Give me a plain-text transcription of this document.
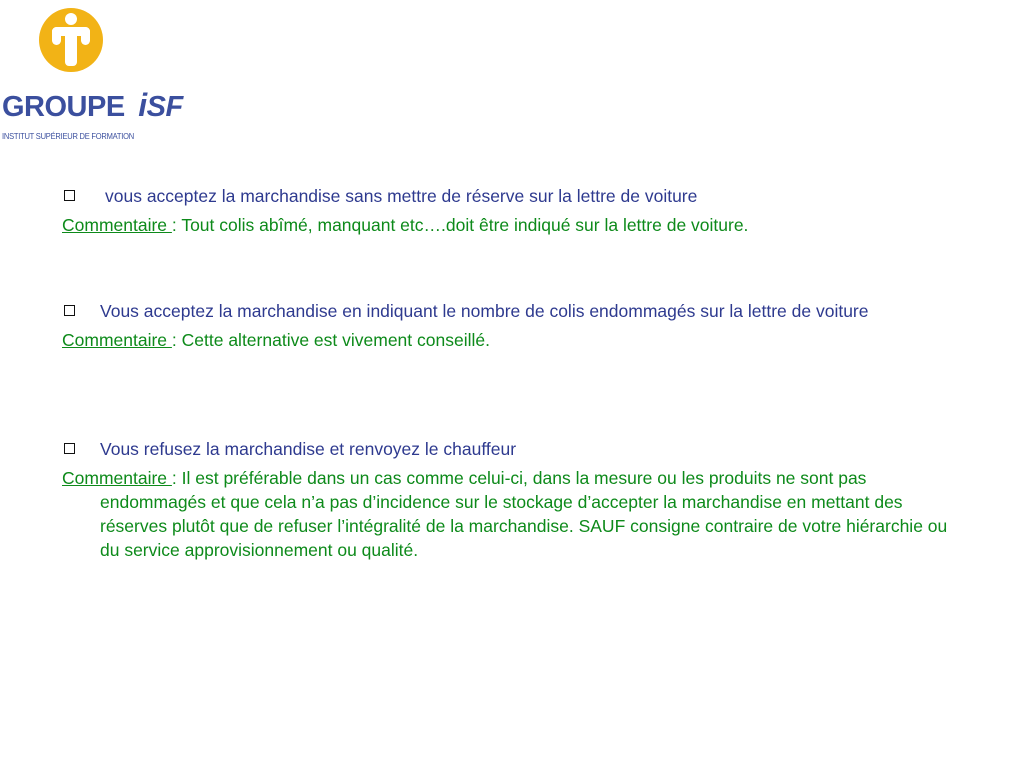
GROUPE iSF
INSTITUT SUPÉRIEUR DE FORMATION
vous acceptez la marchandise sans mettre de réserve sur la lettre de voiture
Commentaire : Tout colis abîmé, manquant etc….doit être indiqué sur la lettre de voiture.
Vous acceptez la marchandise en indiquant le nombre de colis endommagés sur la lettre de voiture
Commentaire : Cette alternative est vivement conseillé.
Vous refusez la marchandise et renvoyez le chauffeur
Commentaire : Il est préférable dans un cas comme celui-ci, dans la mesure ou les produits ne sont pas endommagés et que cela n’a pas d’incidence sur le stockage d’accepter la marchandise en mettant des réserves plutôt que de refuser l’intégralité de la marchandise. SAUF consigne contraire de votre hiérarchie ou du service approvisionnement ou qualité.
